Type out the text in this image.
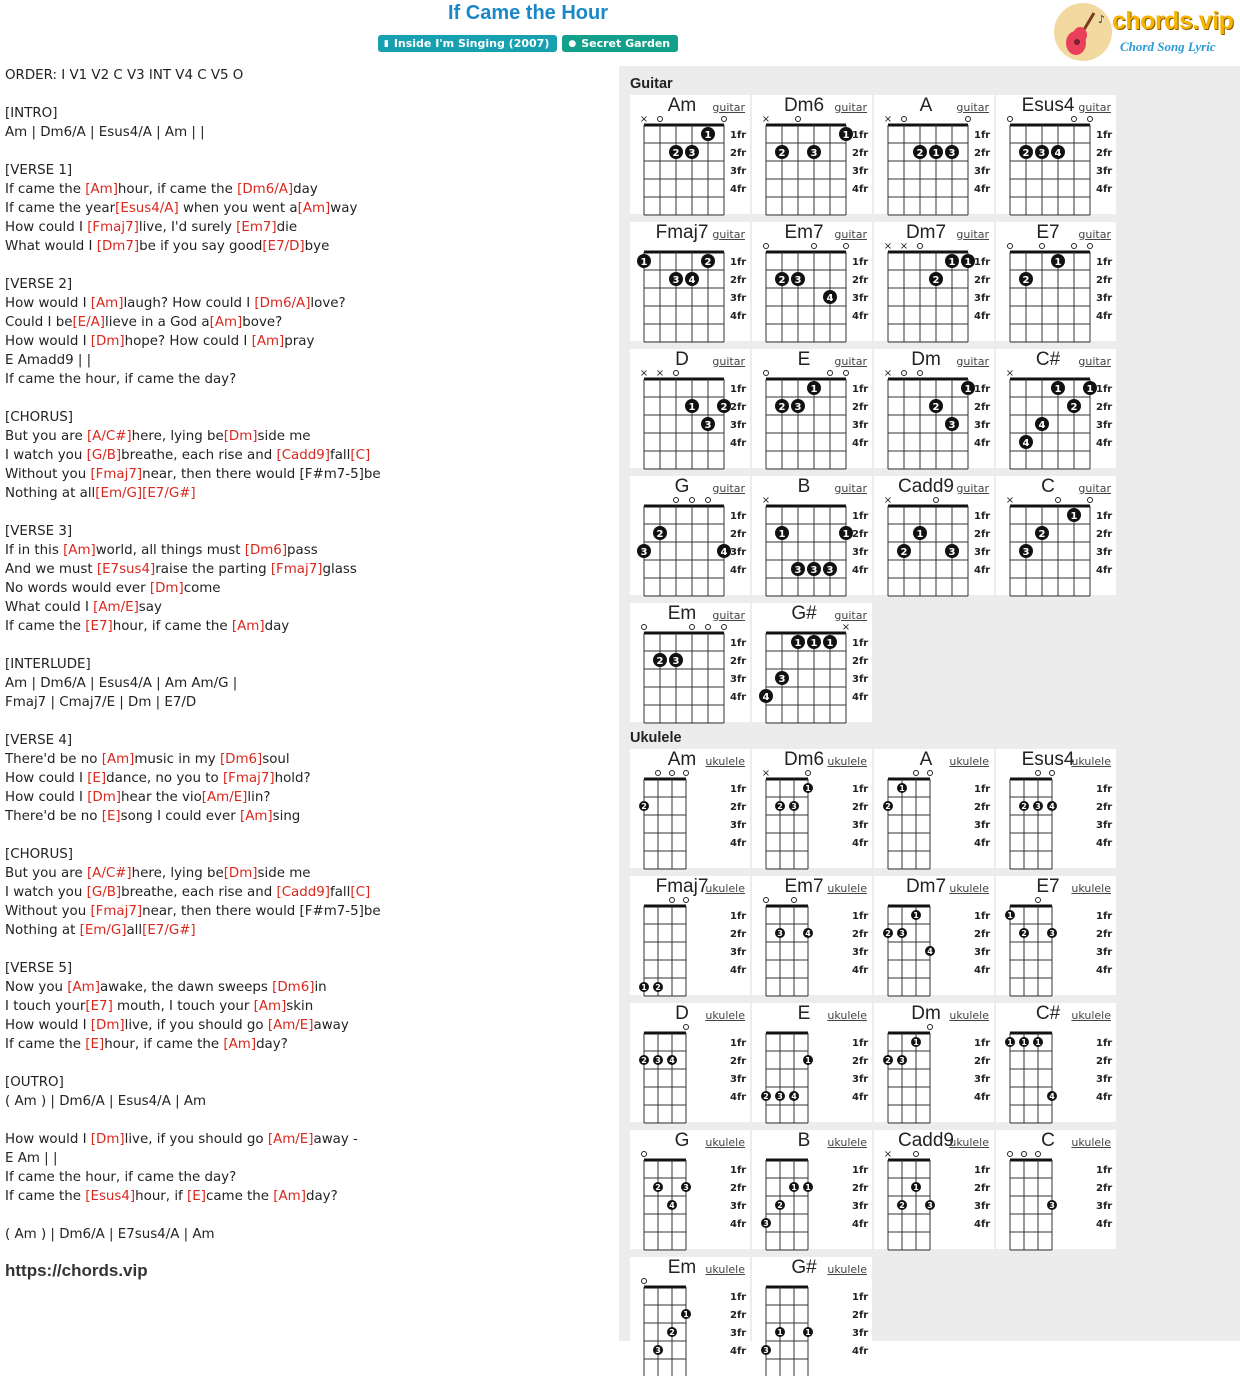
If Came the Hour
▮ Inside I'm Singing (2007) ● Secret Garden
♪ chords.vip
Chord Song Lyric
ORDER: I V1 V2 C V3 INT V4 C V5 O
[INTRO]
Am | Dm6/A | Esus4/A | Am | |
[VERSE 1]
If came the [Am]hour, if came the [Dm6/A]day
If came the year[Esus4/A] when you went a[Am]way
How could I [Fmaj7]live, I'd surely [Em7]die
What would I [Dm7]be if you say good[E7/D]bye
[VERSE 2]
How would I [Am]laugh? How could I [Dm6/A]love?
Could I be[E/A]lieve in a God a[Am]bove?
How would I [Dm]hope? How could I [Am]pray
E Amadd9 | |
If came the hour, if came the day?
[CHORUS]
But you are [A/C#]here, lying be[Dm]side me
I watch you [G/B]breathe, each rise and [Cadd9]fall[C]
Without you [Fmaj7]near, then there would [F#m7-5]be
Nothing at all[Em/G][E7/G#]
[VERSE 3]
If in this [Am]world, all things must [Dm6]pass
And we must [E7sus4]raise the parting [Fmaj7]glass
No words would ever [Dm]come
What could I [Am/E]say
If came the [E7]hour, if came the [Am]day
[INTERLUDE]
Am | Dm6/A | Esus4/A | Am Am/G |
Fmaj7 | Cmaj7/E | Dm | E7/D
[VERSE 4]
There'd be no [Am]music in my [Dm6]soul
How could I [E]dance, no you to [Fmaj7]hold?
How could I [Dm]hear the vio[Am/E]lin?
There'd be no [E]song I could ever [Am]sing
[CHORUS]
But you are [A/C#]here, lying be[Dm]side me
I watch you [G/B]breathe, each rise and [Cadd9]fall[C]
Without you [Fmaj7]near, then there would [F#m7-5]be
Nothing at [Em/G]all[E7/G#]
[VERSE 5]
Now you [Am]awake, the dawn sweeps [Dm6]in
I touch your[E7] mouth, I touch your [Am]skin
How would I [Dm]live, if you should go [Am/E]away
If came the [E]hour, if came the [Am]day?
[OUTRO]
( Am ) | Dm6/A | Esus4/A | Am
How would I [Dm]live, if you should go [Am/E]away -
E Am | |
If came the hour, if came the day?
If came the [Esus4]hour, if [E]came the [Am]day?
( Am ) | Dm6/A | E7sus4/A | Am
https://chords.vip
Guitar
Am	guitar
×
1
2 3
1fr
2fr
3fr
4fr
Dm6 guitar
×
1
2	3
1fr
2fr
3fr
4fr
A	guitar
×
2 1 3
1fr
2fr
3fr
4fr
Esus4 guitar
2 3 4
1fr
2fr
3fr
4fr
Fmaj7 guitar
1	2
3 4
1fr
2fr
3fr
4fr
Em7 guitar
2 3
4
1fr
2fr
3fr
4fr
Dm7 guitar
× ×
1 1
2
1fr
2fr
3fr
4fr
E7	guitar
1
2
1fr
2fr
3fr
4fr
D	guitar
× ×
1	2
3
1fr
2fr
3fr
4fr
E	guitar
1
2 3
1fr
2fr
3fr
4fr
Dm	guitar
×
1
2
3
1fr
2fr
3fr
4fr
C#	guitar
×
1	1
2
4
4
1fr
2fr
3fr
4fr
G	guitar
2
3	4
1fr
2fr
3fr
4fr
B	guitar
×
1	1
3 3 3
1fr
2fr
3fr
4fr
Cadd9 guitar
×
1
2	3
1fr
2fr
3fr
4fr
C	guitar
×
1
2
3
1fr
2fr
3fr
4fr
Em	guitar
2 3
1fr
2fr
3fr
4fr
G#	guitar
×
1 1 1
3
4
1fr
2fr
3fr
4fr
Ukulele
Am ukulele
2
1fr
2fr
3fr
4fr
Dm6 ukulele
×
1
2 3
1fr
2fr
3fr
4fr
A	ukulele
1
2
1fr
2fr
3fr
4fr
Esus4
ukulele
2 3 4
1fr
2fr
3fr
4fr
Fmaj7
ukulele
1 2
1fr
2fr
3fr
4fr
Em7 ukulele
3	4
1fr
2fr
3fr
4fr
Dm7 ukulele
1
2 3
4
1fr
2fr
3fr
4fr
E7	ukulele
1
2	3
1fr
2fr
3fr
4fr
D	ukulele
2 3 4
1fr
2fr
3fr
4fr
E	ukulele
1
2 3 4
1fr
2fr
3fr
4fr
Dm ukulele
1
2 3
1fr
2fr
3fr
4fr
C#	ukulele
1 1 1
4
1fr
2fr
3fr
4fr
G	ukulele
2	3
4
1fr
2fr
3fr
4fr
B	ukulele
1 1
2
3
1fr
2fr
3fr
4fr
Cadd9
ukulele
×
1
2	3
1fr
2fr
3fr
4fr
C	ukulele
3
1fr
2fr
3fr
4fr
Em ukulele
1
2
3
1fr
2fr
3fr
4fr
G# ukulele
1	1
3
1fr
2fr
3fr
4fr
